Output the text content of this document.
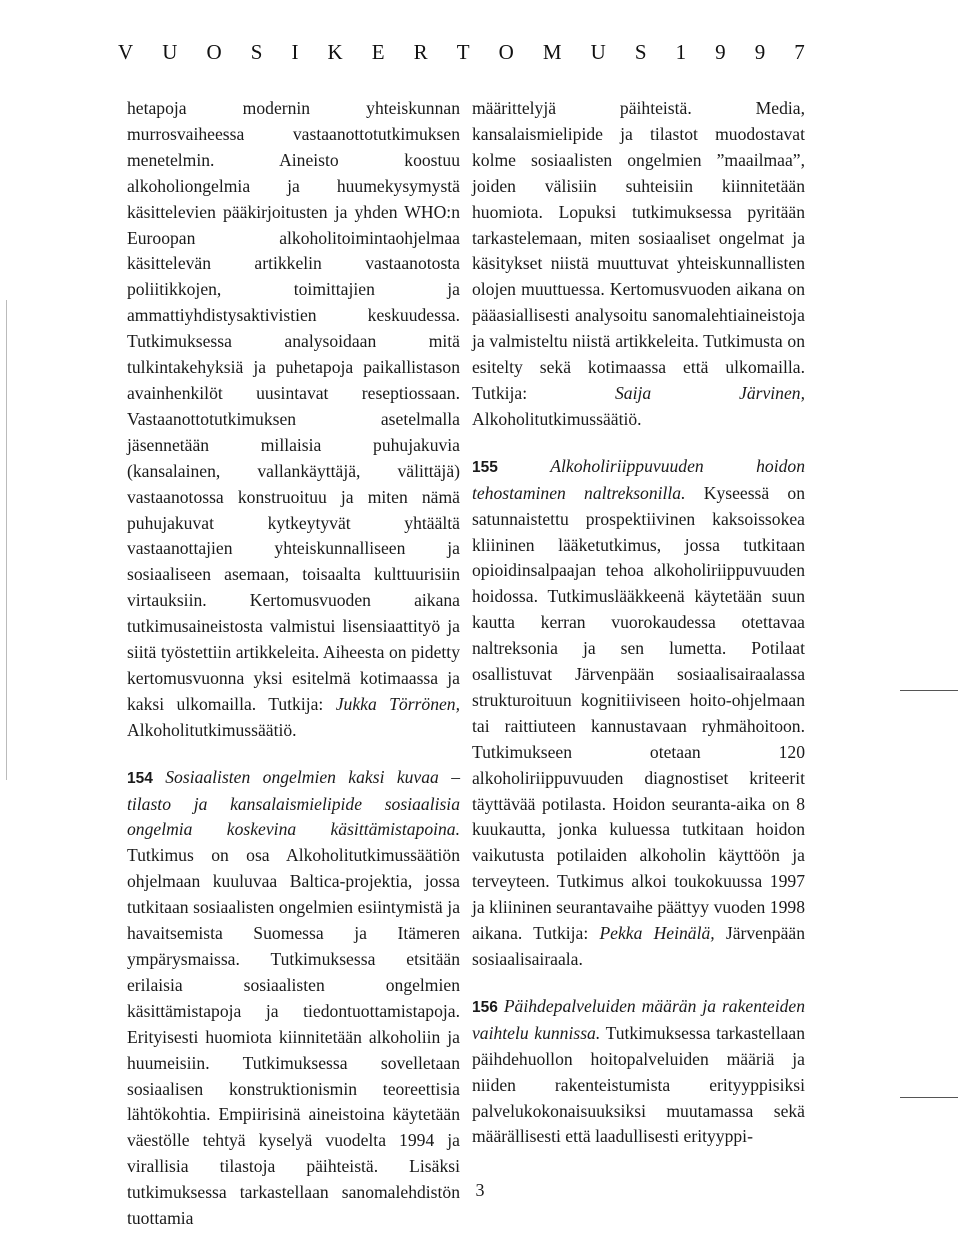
V U O S I K E R T O M U S 1 9 9 7

hetapoja modernin yhteiskunnan murrosvaiheessa vastaanottotutkimuksen menetelmin. Aineisto koostuu alkoholiongelmia ja huumekysymystä käsittelevien pääkirjoitusten ja yhden WHO:n Euroopan alkoholitoimintaohjelmaa käsittelevän artikkelin vastaanotosta poliitikkojen, toimittajien ja ammattiyhdistysaktivistien keskuudessa. Tutkimuksessa analysoidaan mitä tulkintakehyksiä ja puhetapoja paikallistason avainhenkilöt uusintavat reseptiossaan. Vastaanottotutkimuksen asetelmalla jäsennetään millaisia puhujakuvia (kansalainen, vallankäyttäjä, välittäjä) vastaanotossa konstruoituu ja miten nämä puhujakuvat kytkeytyvät yhtäältä vastaanottajien yhteiskunnalliseen ja sosiaaliseen asemaan, toisaalta kulttuurisiin virtauksiin. Kertomusvuoden aikana tutkimusaineistosta valmistui lisensiaattityö ja siitä työstettiin artikkeleita. Aiheesta on pidetty kertomusvuonna yksi esitelmä kotimaassa ja kaksi ulkomailla. Tutkija: Jukka Törrönen, Alkoholitutkimussäätiö.

154 Sosiaalisten ongelmien kaksi kuvaa – tilasto ja kansalaismielipide sosiaalisia ongelmia koskevina käsittämistapoina. Tutkimus on osa Alkoholitutkimussäätiön ohjelmaan kuuluvaa Baltica-projektia, jossa tutkitaan sosiaalisten ongelmien esiintymistä ja havaitsemista Suomessa ja Itämeren ympärysmaissa. Tutkimuksessa etsitään erilaisia sosiaalisten ongelmien käsittämistapoja ja tiedontuottamistapoja. Erityisesti huomiota kiinnitetään alkoholiin ja huumeisiin. Tutkimuksessa sovelletaan sosiaalisen konstruktionismin teoreettisia lähtökohtia. Empiirisinä aineistoina käytetään väestölle tehtyä kyselyä vuodelta 1994 ja virallisia tilastoja päihteistä. Lisäksi tutkimuksessa tarkastellaan sanomalehdistön tuottamia

määrittelyjä päihteistä. Media, kansalaismielipide ja tilastot muodostavat kolme sosiaalisten ongelmien ”maailmaa”, joiden välisiin suhteisiin kiinnitetään huomiota. Lopuksi tutkimuksessa pyritään tarkastelemaan, miten sosiaaliset ongelmat ja käsitykset niistä muuttuvat yhteiskunnallisten olojen muuttuessa. Kertomusvuoden aikana on pääasiallisesti analysoitu sanomalehtiaineistoja ja valmisteltu niistä artikkeleita. Tutkimusta on esitelty sekä kotimaassa että ulkomailla. Tutkija:	Saija Järvinen, Alkoholitutkimussäätiö.

155	Alkoholiriippuvuuden hoidon tehostaminen naltreksonilla. Kyseessä on satunnaistettu prospektiivinen kaksoissokea kliininen lääketutkimus, jossa tutkitaan opioidinsalpaajan tehoa alkoholiriippuvuuden hoidossa. Tutkimuslääkkeenä käytetään suun kautta kerran vuorokaudessa otettavaa naltreksonia ja sen lumetta. Potilaat osallistuvat Järvenpään sosiaalisairaalassa strukturoituun kognitiiviseen hoito-ohjelmaan tai raittiuteen kannustavaan ryhmähoitoon. Tutkimukseen otetaan 120 alkoholiriippuvuuden diagnostiset kriteerit täyttävää potilasta. Hoidon seuranta-aika on 8 kuukautta, jonka kuluessa tutkitaan hoidon vaikutusta potilaiden alkoholin käyttöön ja terveyteen. Tutkimus alkoi toukokuussa 1997 ja kliininen seurantavaihe päättyy vuoden 1998 aikana. Tutkija: Pekka Heinälä, Järvenpään sosiaalisairaala.

156 Päihdepalveluiden määrän ja rakenteiden vaihtelu kunnissa. Tutkimuksessa tarkastellaan päihdehuollon hoitopalveluiden määriä ja niiden rakenteistumista erityyppisiksi palvelukokonaisuuksiksi muutamassa sekä määrällisesti että laadullisesti erityyppi-

3
